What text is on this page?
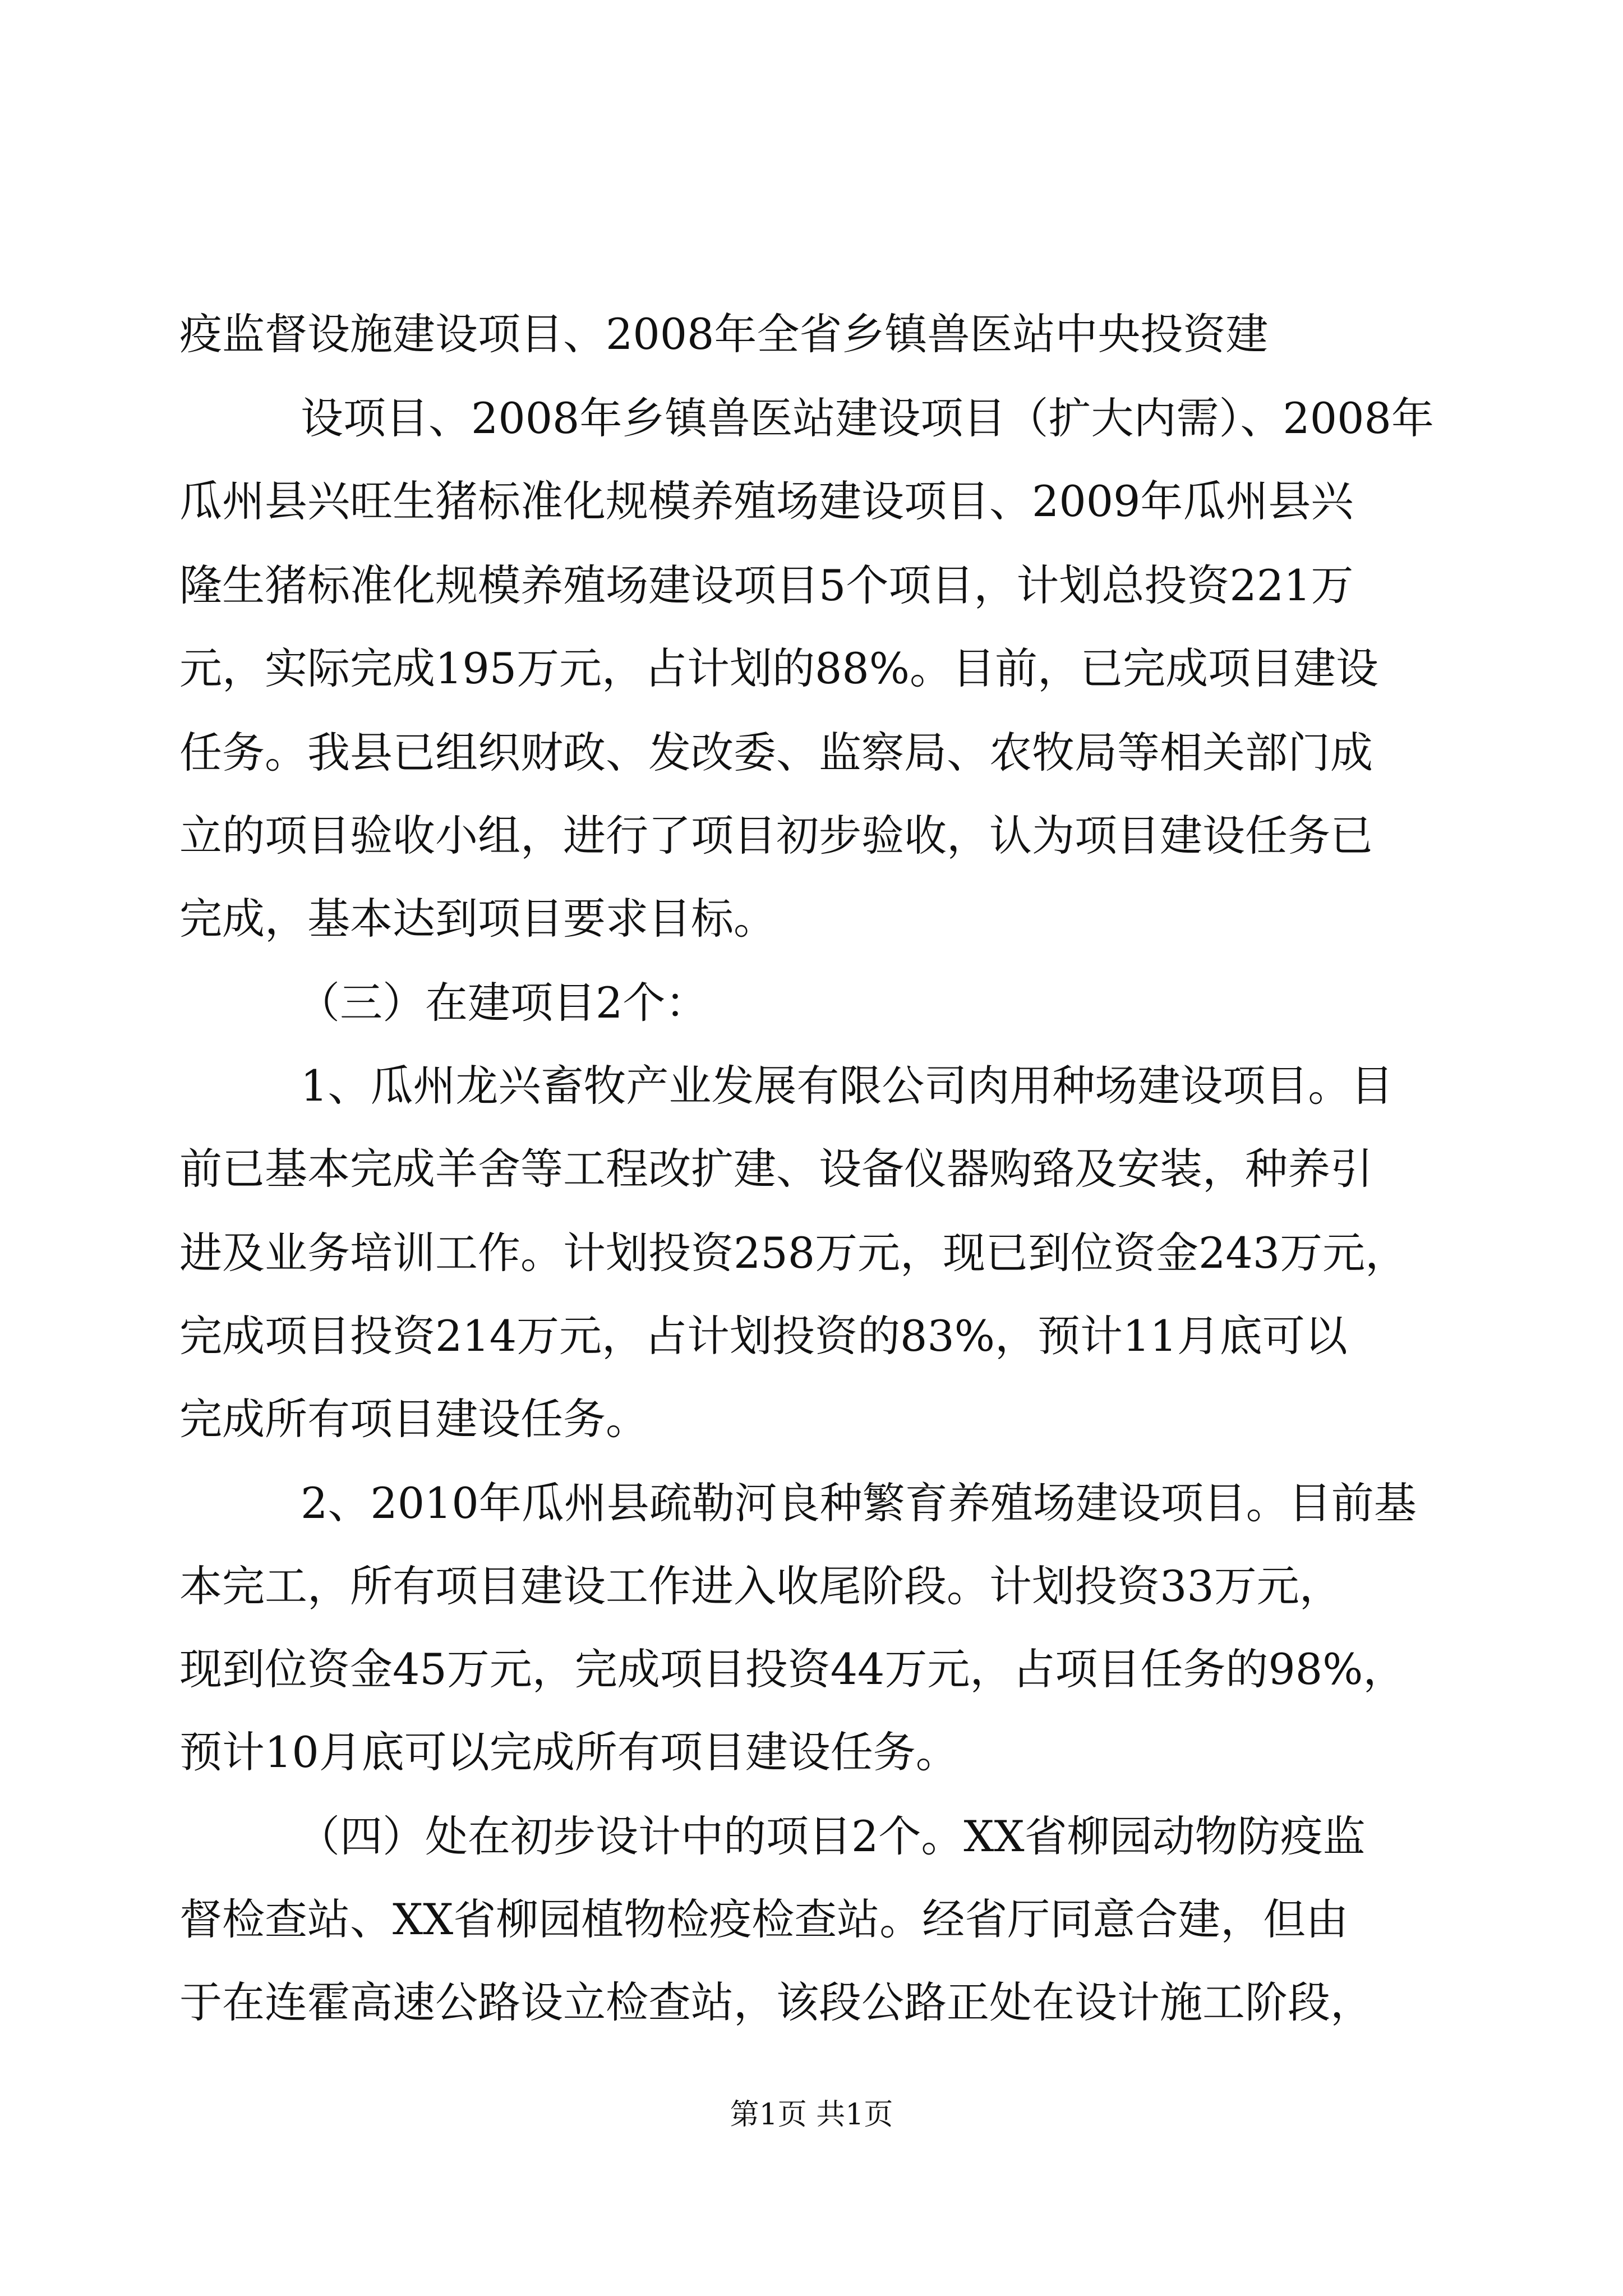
疫监督设施建设项目、2008年全省乡镇兽医站中央投资建
设项目、2008年乡镇兽医站建设项目（扩大内需）、2008年
瓜州县兴旺生猪标准化规模养殖场建设项目、2009年瓜州县兴
隆生猪标准化规模养殖场建设项目5个项目，计划总投资221万
元，实际完成195万元，占计划的88%。目前，已完成项目建设
任务。我县已组织财政、发改委、监察局、农牧局等相关部门成
立的项目验收小组，进行了项目初步验收，认为项目建设任务已
完成，基本达到项目要求目标。
（三）在建项目2个：
1、瓜州龙兴畜牧产业发展有限公司肉用种场建设项目。目
前已基本完成羊舍等工程改扩建、设备仪器购臵及安装，种养引
进及业务培训工作。计划投资258万元，现已到位资金243万元，
完成项目投资214万元，占计划投资的83%，预计11月底可以
完成所有项目建设任务。
2、2010年瓜州县疏勒河良种繁育养殖场建设项目。目前基
本完工，所有项目建设工作进入收尾阶段。计划投资33万元，
现到位资金45万元，完成项目投资44万元，占项目任务的98%，
预计10月底可以完成所有项目建设任务。
（四）处在初步设计中的项目2个。XX省柳园动物防疫监
督检查站、XX省柳园植物检疫检查站。经省厅同意合建，但由
于在连霍高速公路设立检查站，该段公路正处在设计施工阶段，
第1页 共1页
